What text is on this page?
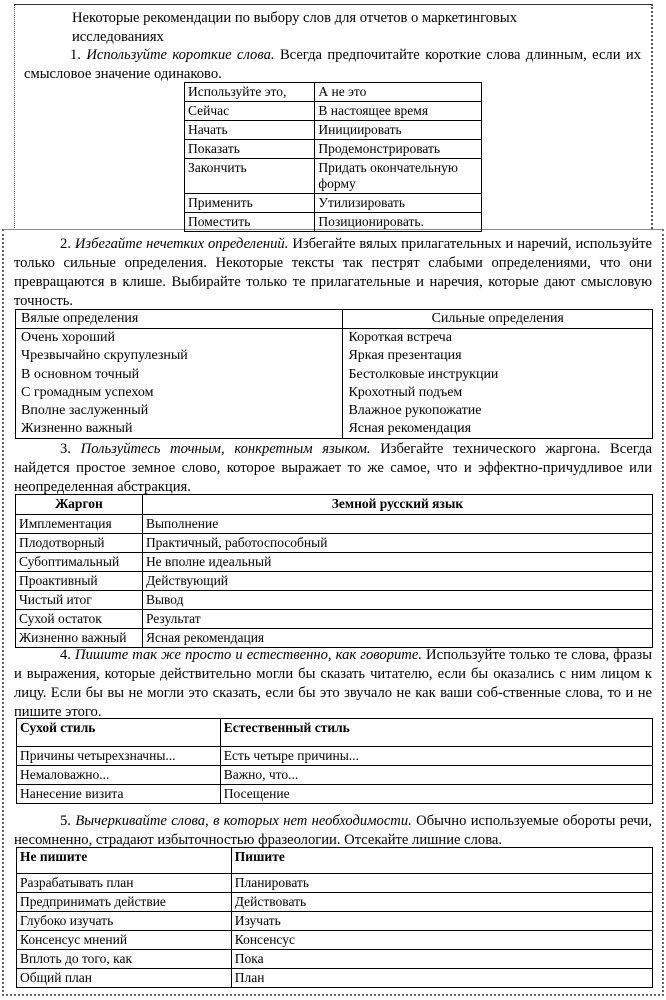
Некоторые рекомендации по выбору слов для отчетов о маркетинговых
исследованиях

1. Используйте короткие слова. Всегда предпочитайте короткие слова длинным, если их смысловое значение одинаково.

Используйте это,	А не это
Сейчас	В настоящее время
Начать	Инициировать
Показать	Продемонстрировать
Закончить	Придать окончательную форму
Применить	Утилизировать
Поместить	Позиционировать.

2. Избегайте нечетких определений. Избегайте вялых прилагательных и наречий, используйте только сильные определения. Некоторые тексты так пестрят слабыми определениями, что они превращаются в клише. Выбирайте только те прилагательные и наречия, которые дают смысловую точность.

Вялые определения	Сильные определения
Очень хороший	Короткая встреча
Чрезвычайно скрупулезный	Яркая презентация
В основном точный	Бестолковые инструкции
С громадным успехом	Крохотный подъем
Вполне заслуженный	Влажное рукопожатие
Жизненно важный	Ясная рекомендация

3. Пользуйтесь точным, конкретным языком. Избегайте технического жаргона. Всегда найдется простое земное слово, которое выражает то же самое, что и эффектно-причудливое или неопределенная абстракция.

Жаргон	Земной русский язык
Имплементация	Выполнение
Плодотворный	Практичный, работоспособный
Субоптимальный	Не вполне идеальный
Проактивный	Действующий
Чистый итог	Вывод
Сухой остаток	Результат
Жизненно важный	Ясная рекомендация

4. Пишите так же просто и естественно, как говорите. Используйте только те слова, фразы и выражения, которые действительно могли бы сказать читателю, если бы оказались с ним лицом к лицу. Если бы вы не могли это сказать, если бы это звучало не как ваши соб-ственные слова, то и не пишите этого.

Сухой стиль	Естественный стиль
Причины четырехзначны...	Есть четыре причины...
Немаловажно...	Важно, что...
Нанесение визита	Посещение

5. Вычеркивайте слова, в которых нет необходимости. Обычно используемые обороты речи, несомненно, страдают избыточностью фразеологии. Отсекайте лишние слова.

Не пишите	Пишите
Разрабатывать план	Планировать
Предпринимать действие	Действовать
Глубоко изучать	Изучать
Консенсус мнений	Консенсус
Вплоть до того, как	Пока
Общий план	План
